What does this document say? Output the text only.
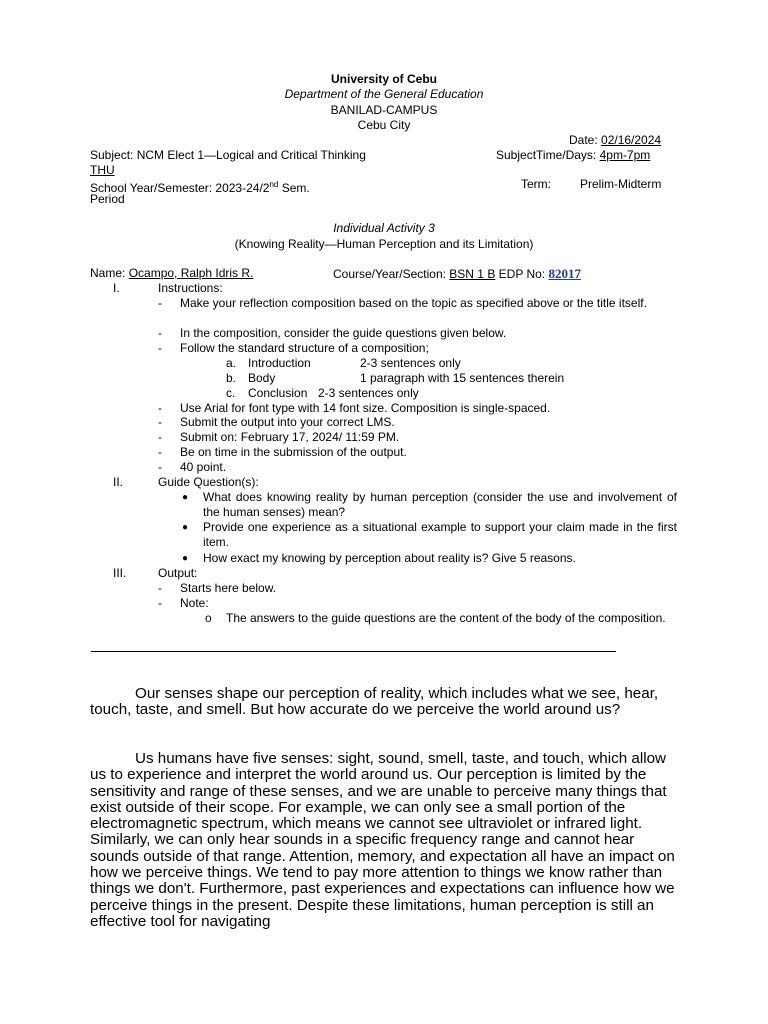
University of Cebu
Department of the General Education
BANILAD-CAMPUS
Cebu City
Date: 02/16/2024
Subject: NCM Elect 1—Logical and Critical Thinking	SubjectTime/Days: 4pm-7pm
THU
School Year/Semester: 2023-24/2nd Sem.	Term: Prelim-Midterm
Period
Individual Activity 3
(Knowing Reality—Human Perception and its Limitation)
Name: Ocampo, Ralph Idris R.	Course/Year/Section: BSN 1 B EDP No: 82017
I.	Instructions:
- Make your reflection composition based on the topic as specified above or the title itself.
- In the composition, consider the guide questions given below.
- Follow the standard structure of a composition;
a. Introduction	2-3 sentences only
b. Body	1 paragraph with 15 sentences therein
c. Conclusion 2-3 sentences only
- Use Arial for font type with 14 font size. Composition is single-spaced.
- Submit the output into your correct LMS.
- Submit on: February 17, 2024/ 11:59 PM.
- Be on time in the submission of the output.
- 40 point.
II.	Guide Question(s):
● What does knowing reality by human perception (consider the use and involvement of the human senses) mean?
● Provide one experience as a situational example to support your claim made in the first item.
● How exact my knowing by perception about reality is? Give 5 reasons.
III.	Output:
- Starts here below.
- Note:
o The answers to the guide questions are the content of the body of the composition.
Our senses shape our perception of reality, which includes what we see, hear, touch, taste, and smell. But how accurate do we perceive the world around us?
Us humans have five senses: sight, sound, smell, taste, and touch, which allow us to experience and interpret the world around us. Our perception is limited by the sensitivity and range of these senses, and we are unable to perceive many things that exist outside of their scope. For example, we can only see a small portion of the electromagnetic spectrum, which means we cannot see ultraviolet or infrared light. Similarly, we can only hear sounds in a specific frequency range and cannot hear sounds outside of that range. Attention, memory, and expectation all have an impact on how we perceive things. We tend to pay more attention to things we know rather than things we don't. Furthermore, past experiences and expectations can influence how we perceive things in the present. Despite these limitations, human perception is still an effective tool for navigating
